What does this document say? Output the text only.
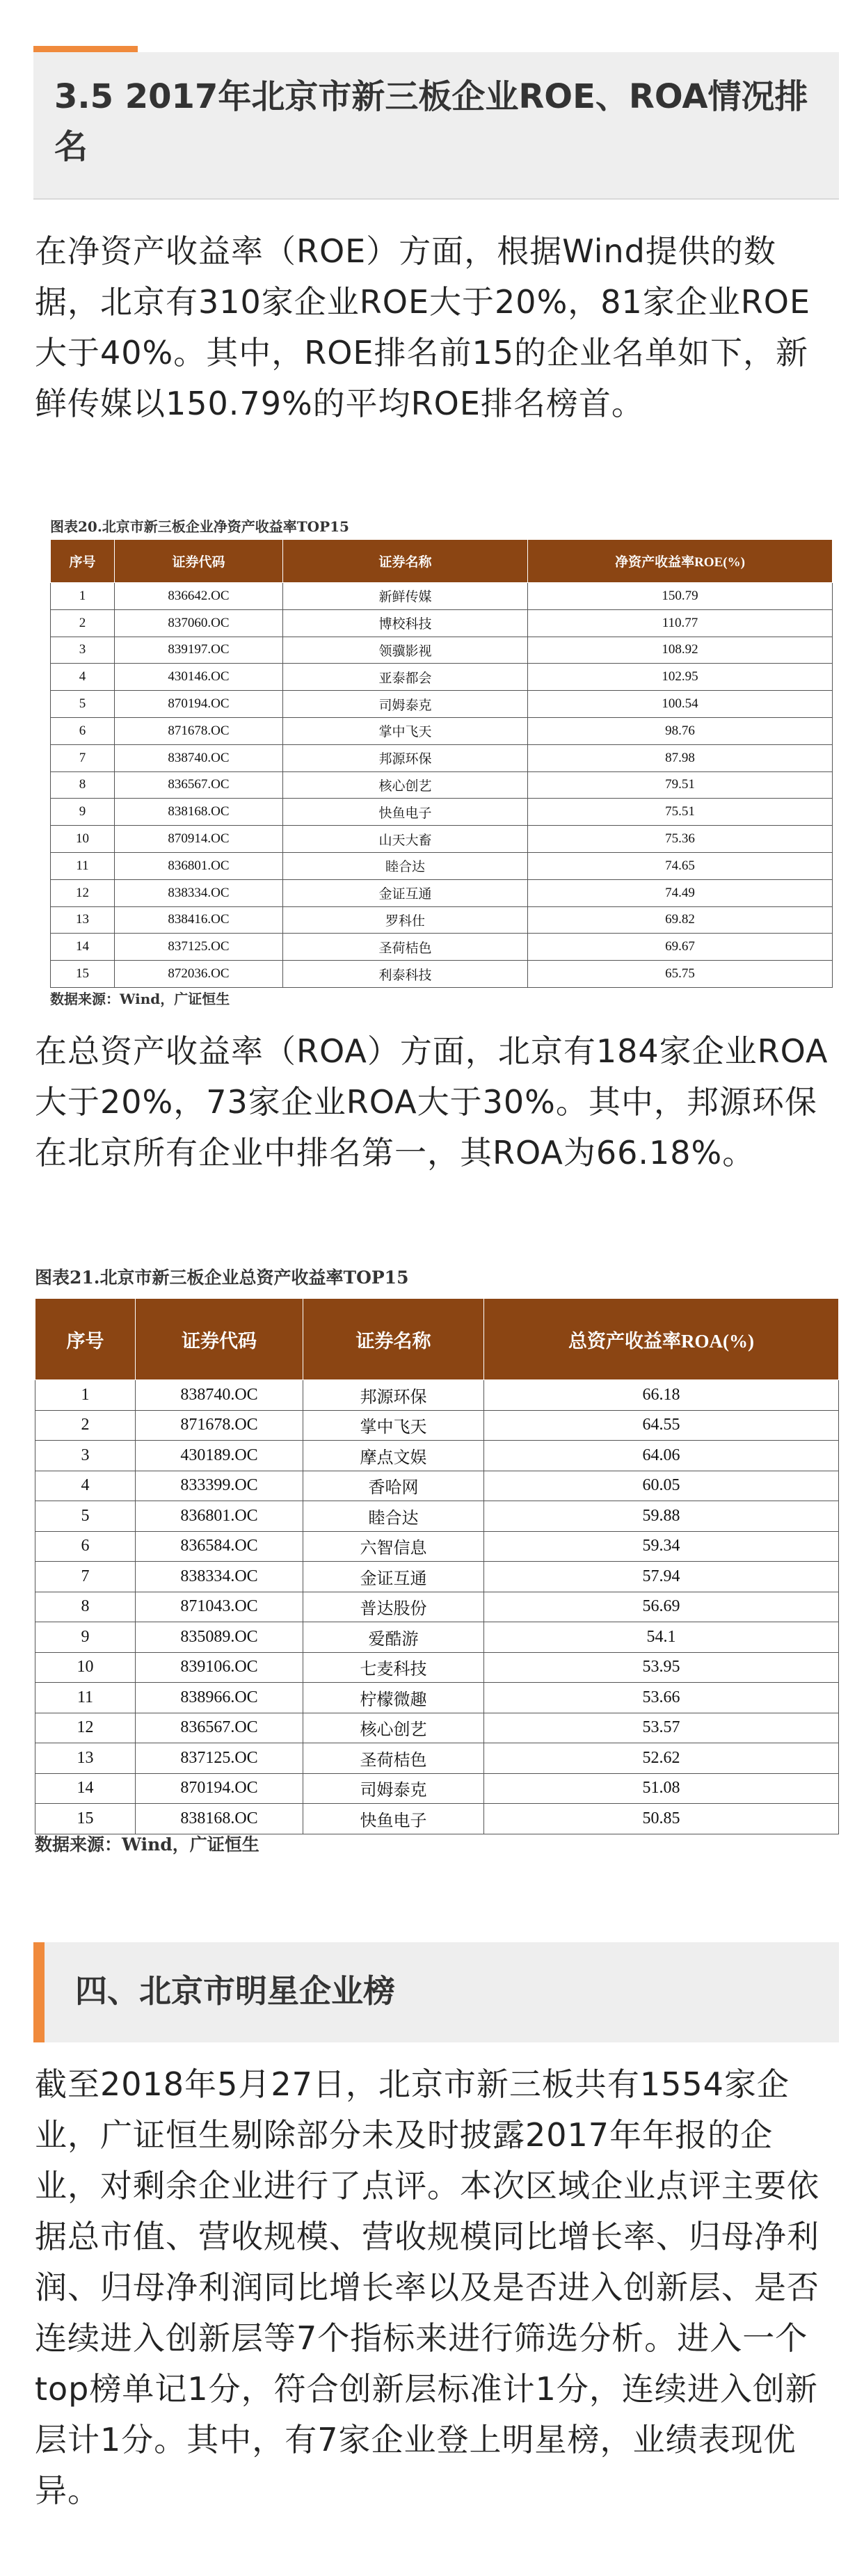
3.5 2017年北京市新三板企业ROE、ROA情况排名
在净资产收益率（ROE）方面，根据Wind提供的数据，北京有310家企业ROE大于20%，81家企业ROE大于40%。其中，ROE排名前15的企业名单如下，新鲜传媒以150.79%的平均ROE排名榜首。
图表20.北京市新三板企业净资产收益率TOP15
序号	证券代码	证券名称	净资产收益率ROE(%)
1	836642.OC	新鲜传媒	150.79
2	837060.OC	博校科技	110.77
3	839197.OC	领骥影视	108.92
4	430146.OC	亚泰都会	102.95
5	870194.OC	司姆泰克	100.54
6	871678.OC	掌中飞天	98.76
7	838740.OC	邦源环保	87.98
8	836567.OC	核心创艺	79.51
9	838168.OC	快鱼电子	75.51
10	870914.OC	山天大畜	75.36
11	836801.OC	睦合达	74.65
12	838334.OC	金证互通	74.49
13	838416.OC	罗科仕	69.82
14	837125.OC	圣荷桔色	69.67
15	872036.OC	利泰科技	65.75
数据来源：Wind，广证恒生
在总资产收益率（ROA）方面，北京有184家企业ROA大于20%，73家企业ROA大于30%。其中，邦源环保在北京所有企业中排名第一，其ROA为66.18%。
图表21.北京市新三板企业总资产收益率TOP15
序号	证券代码	证券名称	总资产收益率ROA(%)
1	838740.OC	邦源环保	66.18
2	871678.OC	掌中飞天	64.55
3	430189.OC	摩点文娱	64.06
4	833399.OC	香哈网	60.05
5	836801.OC	睦合达	59.88
6	836584.OC	六智信息	59.34
7	838334.OC	金证互通	57.94
8	871043.OC	普达股份	56.69
9	835089.OC	爱酷游	54.1
10	839106.OC	七麦科技	53.95
11	838966.OC	柠檬微趣	53.66
12	836567.OC	核心创艺	53.57
13	837125.OC	圣荷桔色	52.62
14	870194.OC	司姆泰克	51.08
15	838168.OC	快鱼电子	50.85
数据来源：Wind，广证恒生
四、北京市明星企业榜
截至2018年5月27日，北京市新三板共有1554家企业，广证恒生剔除部分未及时披露2017年年报的企业，对剩余企业进行了点评。本次区域企业点评主要依据总市值、营收规模、营收规模同比增长率、归母净利润、归母净利润同比增长率以及是否进入创新层、是否连续进入创新层等7个指标来进行筛选分析。进入一个top榜单记1分，符合创新层标准计1分，连续进入创新层计1分。其中，有7家企业登上明星榜，业绩表现优异。
